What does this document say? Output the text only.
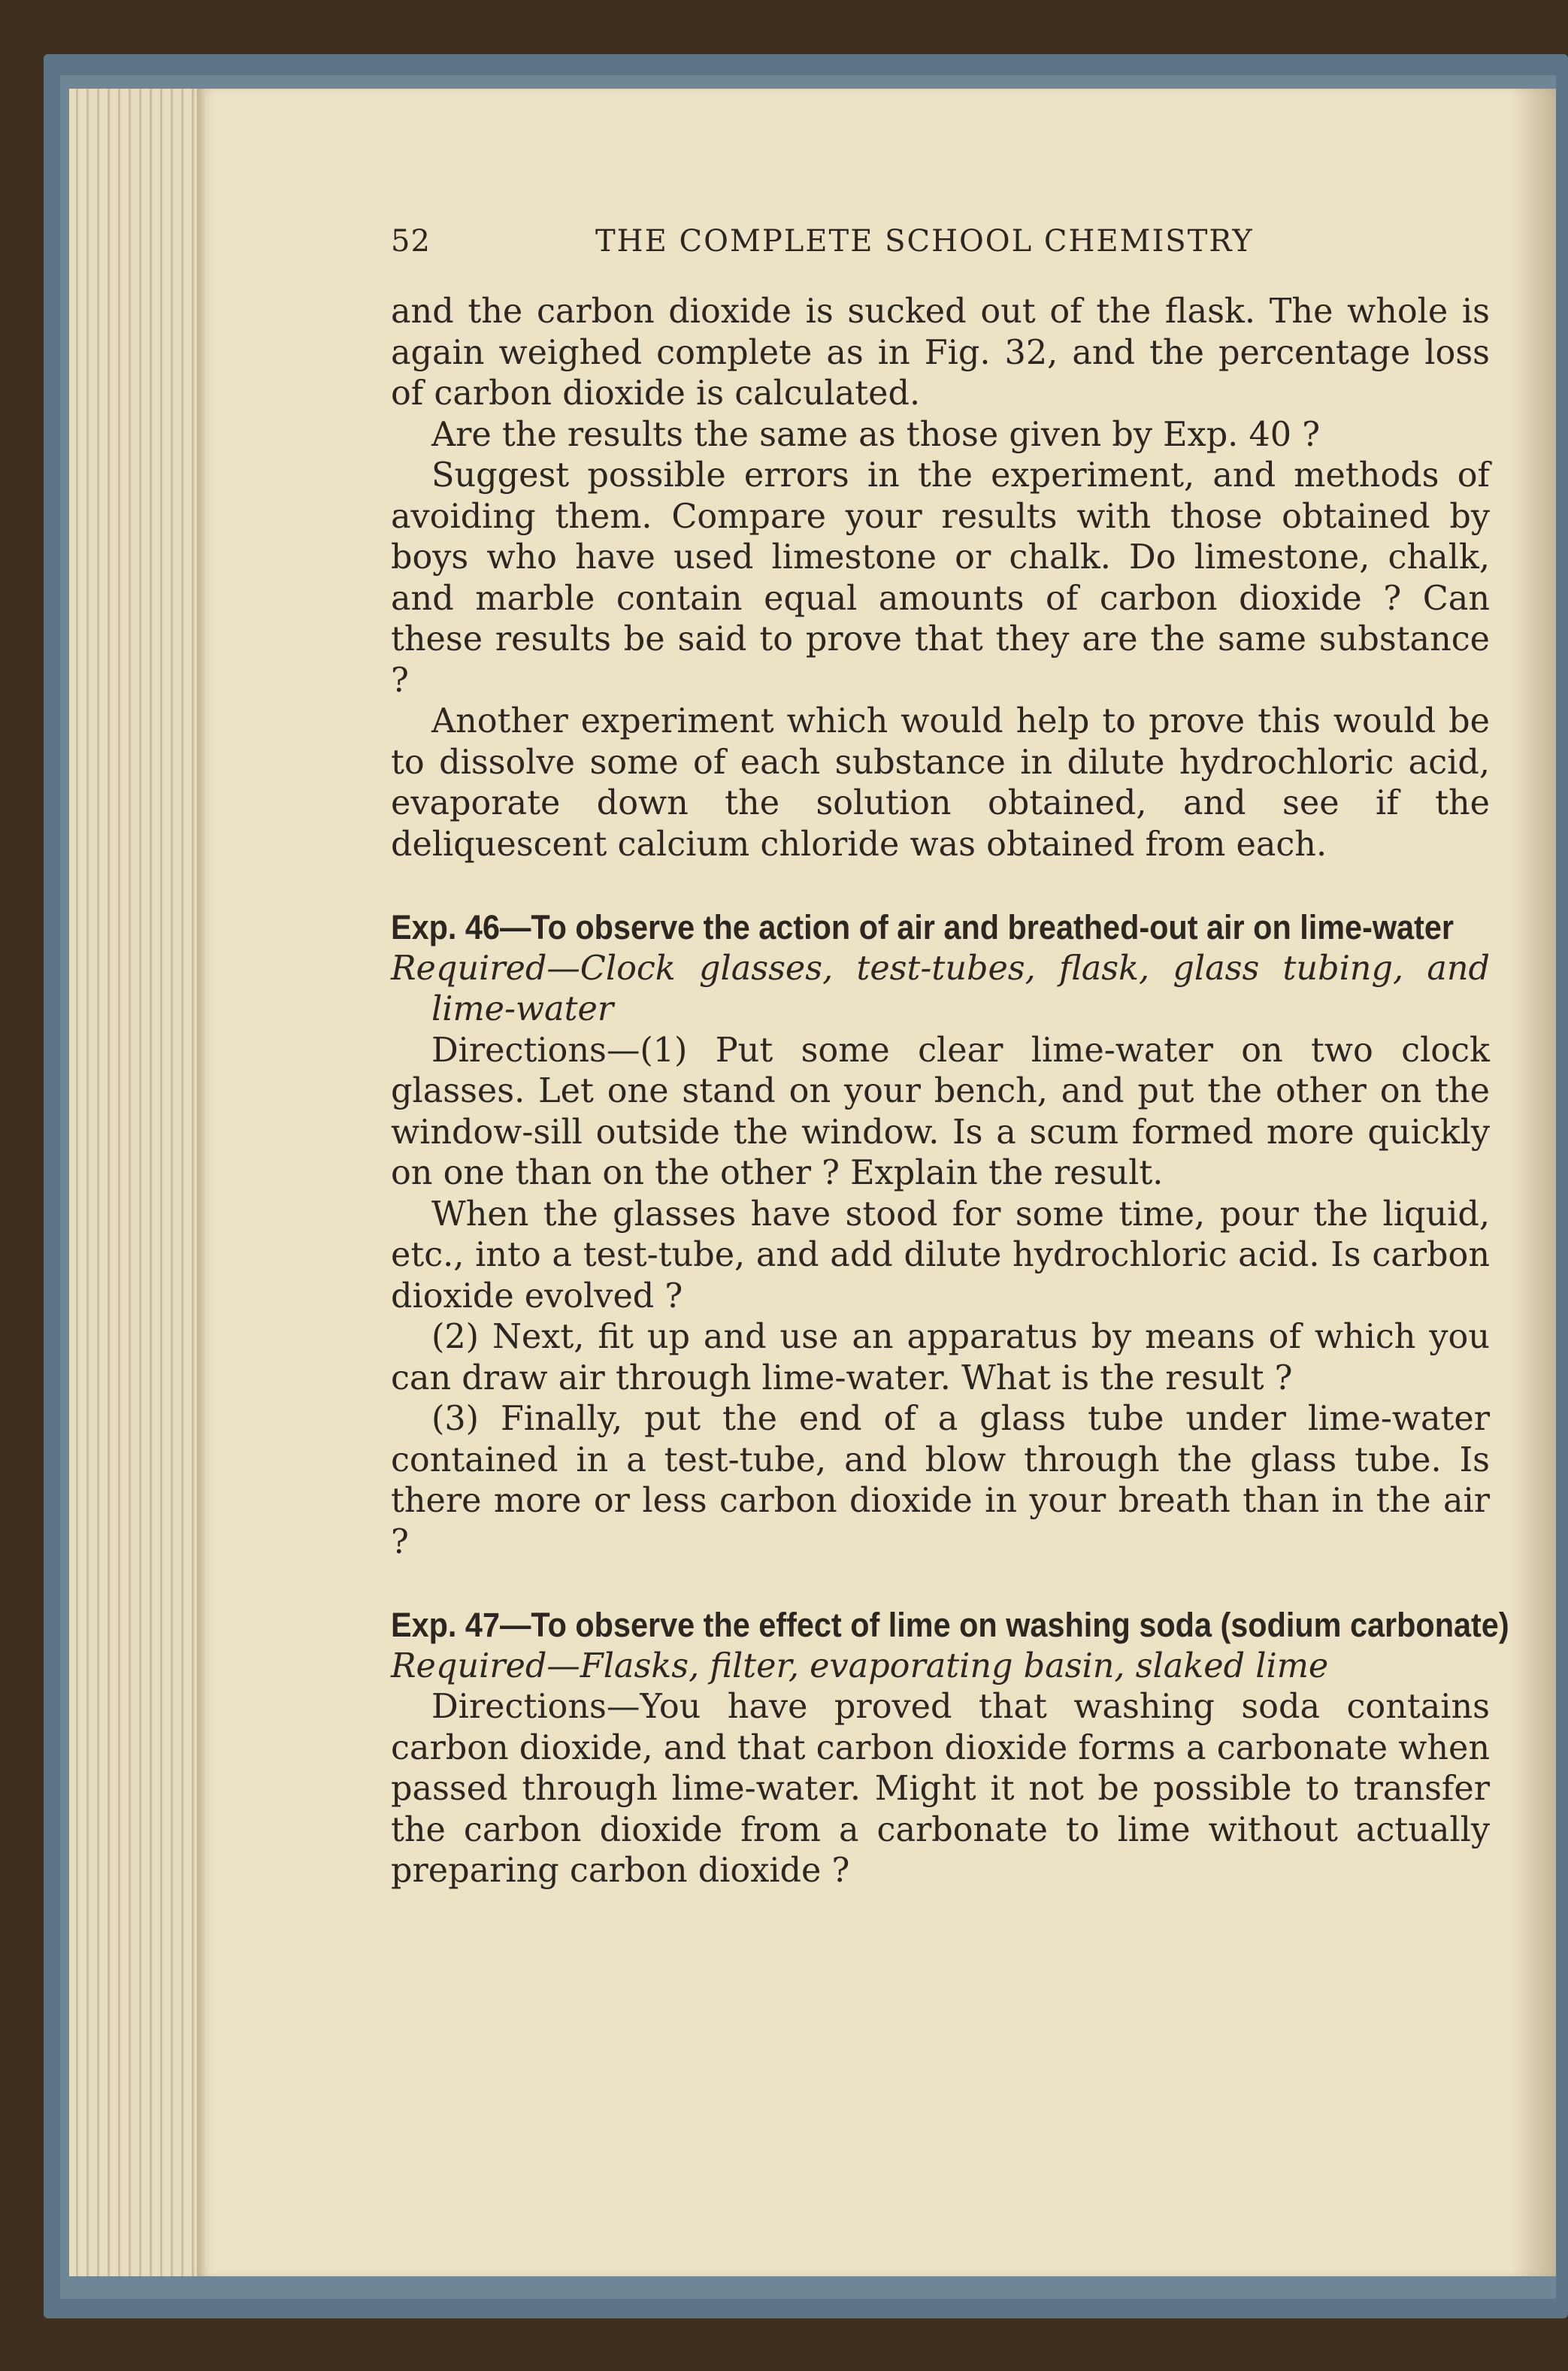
52	THE COMPLETE SCHOOL CHEMISTRY

and the carbon dioxide is sucked out of the flask. The whole is again weighed complete as in Fig. 32, and the percentage loss of carbon dioxide is calculated.

Are the results the same as those given by Exp. 40 ?

Suggest possible errors in the experiment, and methods of avoiding them. Compare your results with those obtained by boys who have used limestone or chalk. Do limestone, chalk, and marble contain equal amounts of carbon dioxide ? Can these results be said to prove that they are the same substance ?

Another experiment which would help to prove this would be to dissolve some of each substance in dilute hydrochloric acid, evaporate down the solution obtained, and see if the deliquescent calcium chloride was obtained from each.

Exp. 46—To observe the action of air and breathed-out air on lime-water

Required—Clock glasses, test-tubes, flask, glass tubing, and lime-water

Directions—(1) Put some clear lime-water on two clock glasses. Let one stand on your bench, and put the other on the window-sill outside the window. Is a scum formed more quickly on one than on the other ? Explain the result.

When the glasses have stood for some time, pour the liquid, etc., into a test-tube, and add dilute hydrochloric acid. Is carbon dioxide evolved ?

(2) Next, fit up and use an apparatus by means of which you can draw air through lime-water. What is the result ?

(3) Finally, put the end of a glass tube under lime-water contained in a test-tube, and blow through the glass tube. Is there more or less carbon dioxide in your breath than in the air ?

Exp. 47—To observe the effect of lime on washing soda (sodium carbonate)

Required—Flasks, filter, evaporating basin, slaked lime

Directions—You have proved that washing soda contains carbon dioxide, and that carbon dioxide forms a carbonate when passed through lime-water. Might it not be possible to transfer the carbon dioxide from a carbonate to lime without actually preparing carbon dioxide ?
